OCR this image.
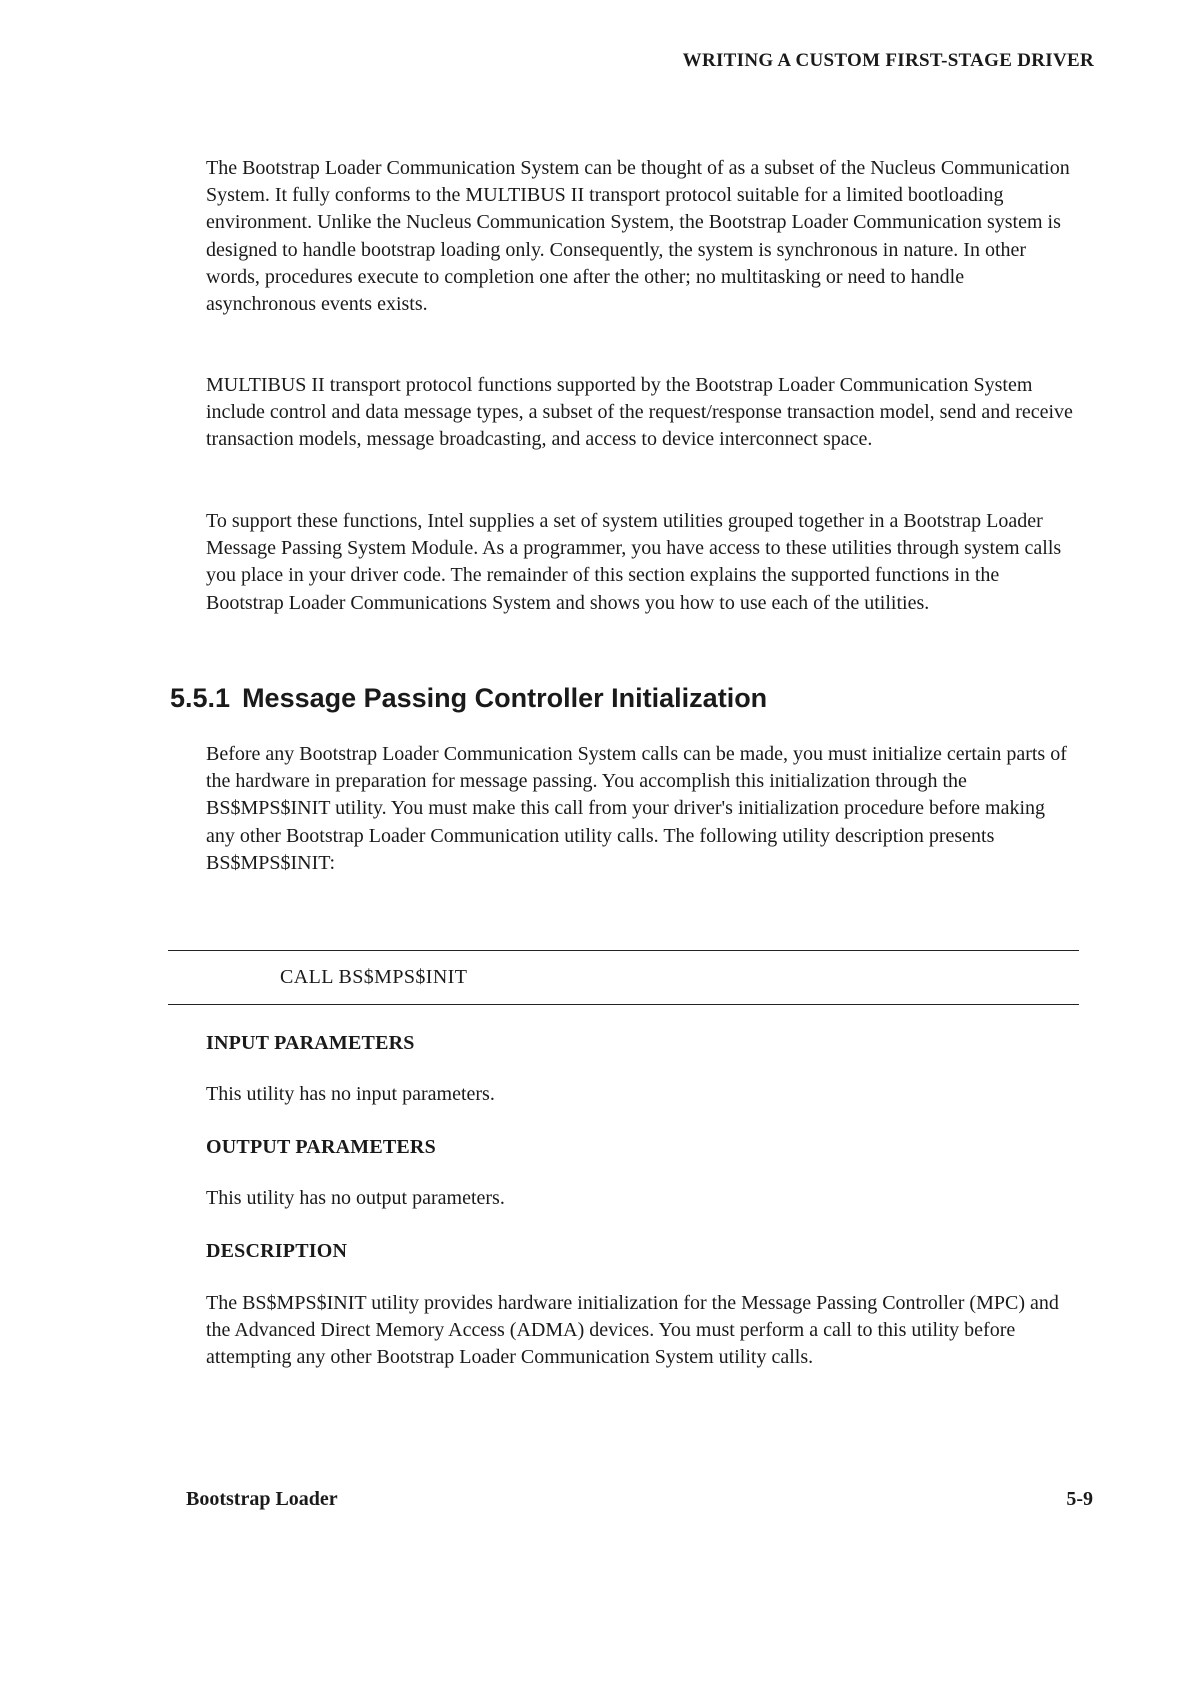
WRITING A CUSTOM FIRST-STAGE DRIVER

The Bootstrap Loader Communication System can be thought of as a subset of the Nucleus Communication System. It fully conforms to the MULTIBUS II transport protocol suitable for a limited bootloading environment. Unlike the Nucleus Communication System, the Bootstrap Loader Communication system is designed to handle bootstrap loading only. Consequently, the system is synchronous in nature. In other words, procedures execute to completion one after the other; no multitasking or need to handle asynchronous events exists.

MULTIBUS II transport protocol functions supported by the Bootstrap Loader Communication System include control and data message types, a subset of the request/response transaction model, send and receive transaction models, message broadcasting, and access to device interconnect space.

To support these functions, Intel supplies a set of system utilities grouped together in a Bootstrap Loader Message Passing System Module. As a programmer, you have access to these utilities through system calls you place in your driver code. The remainder of this section explains the supported functions in the Bootstrap Loader Communications System and shows you how to use each of the utilities.

5.5.1 Message Passing Controller Initialization

Before any Bootstrap Loader Communication System calls can be made, you must initialize certain parts of the hardware in preparation for message passing. You accomplish this initialization through the BS$MPS$INIT utility. You must make this call from your driver's initialization procedure before making any other Bootstrap Loader Communication utility calls. The following utility description presents BS$MPS$INIT:

CALL BS$MPS$INIT
INPUT PARAMETERS

This utility has no input parameters.

OUTPUT PARAMETERS

This utility has no output parameters.

DESCRIPTION

The BS$MPS$INIT utility provides hardware initialization for the Message Passing Controller (MPC) and the Advanced Direct Memory Access (ADMA) devices. You must perform a call to this utility before attempting any other Bootstrap Loader Communication System utility calls.

Bootstrap Loader	5-9
